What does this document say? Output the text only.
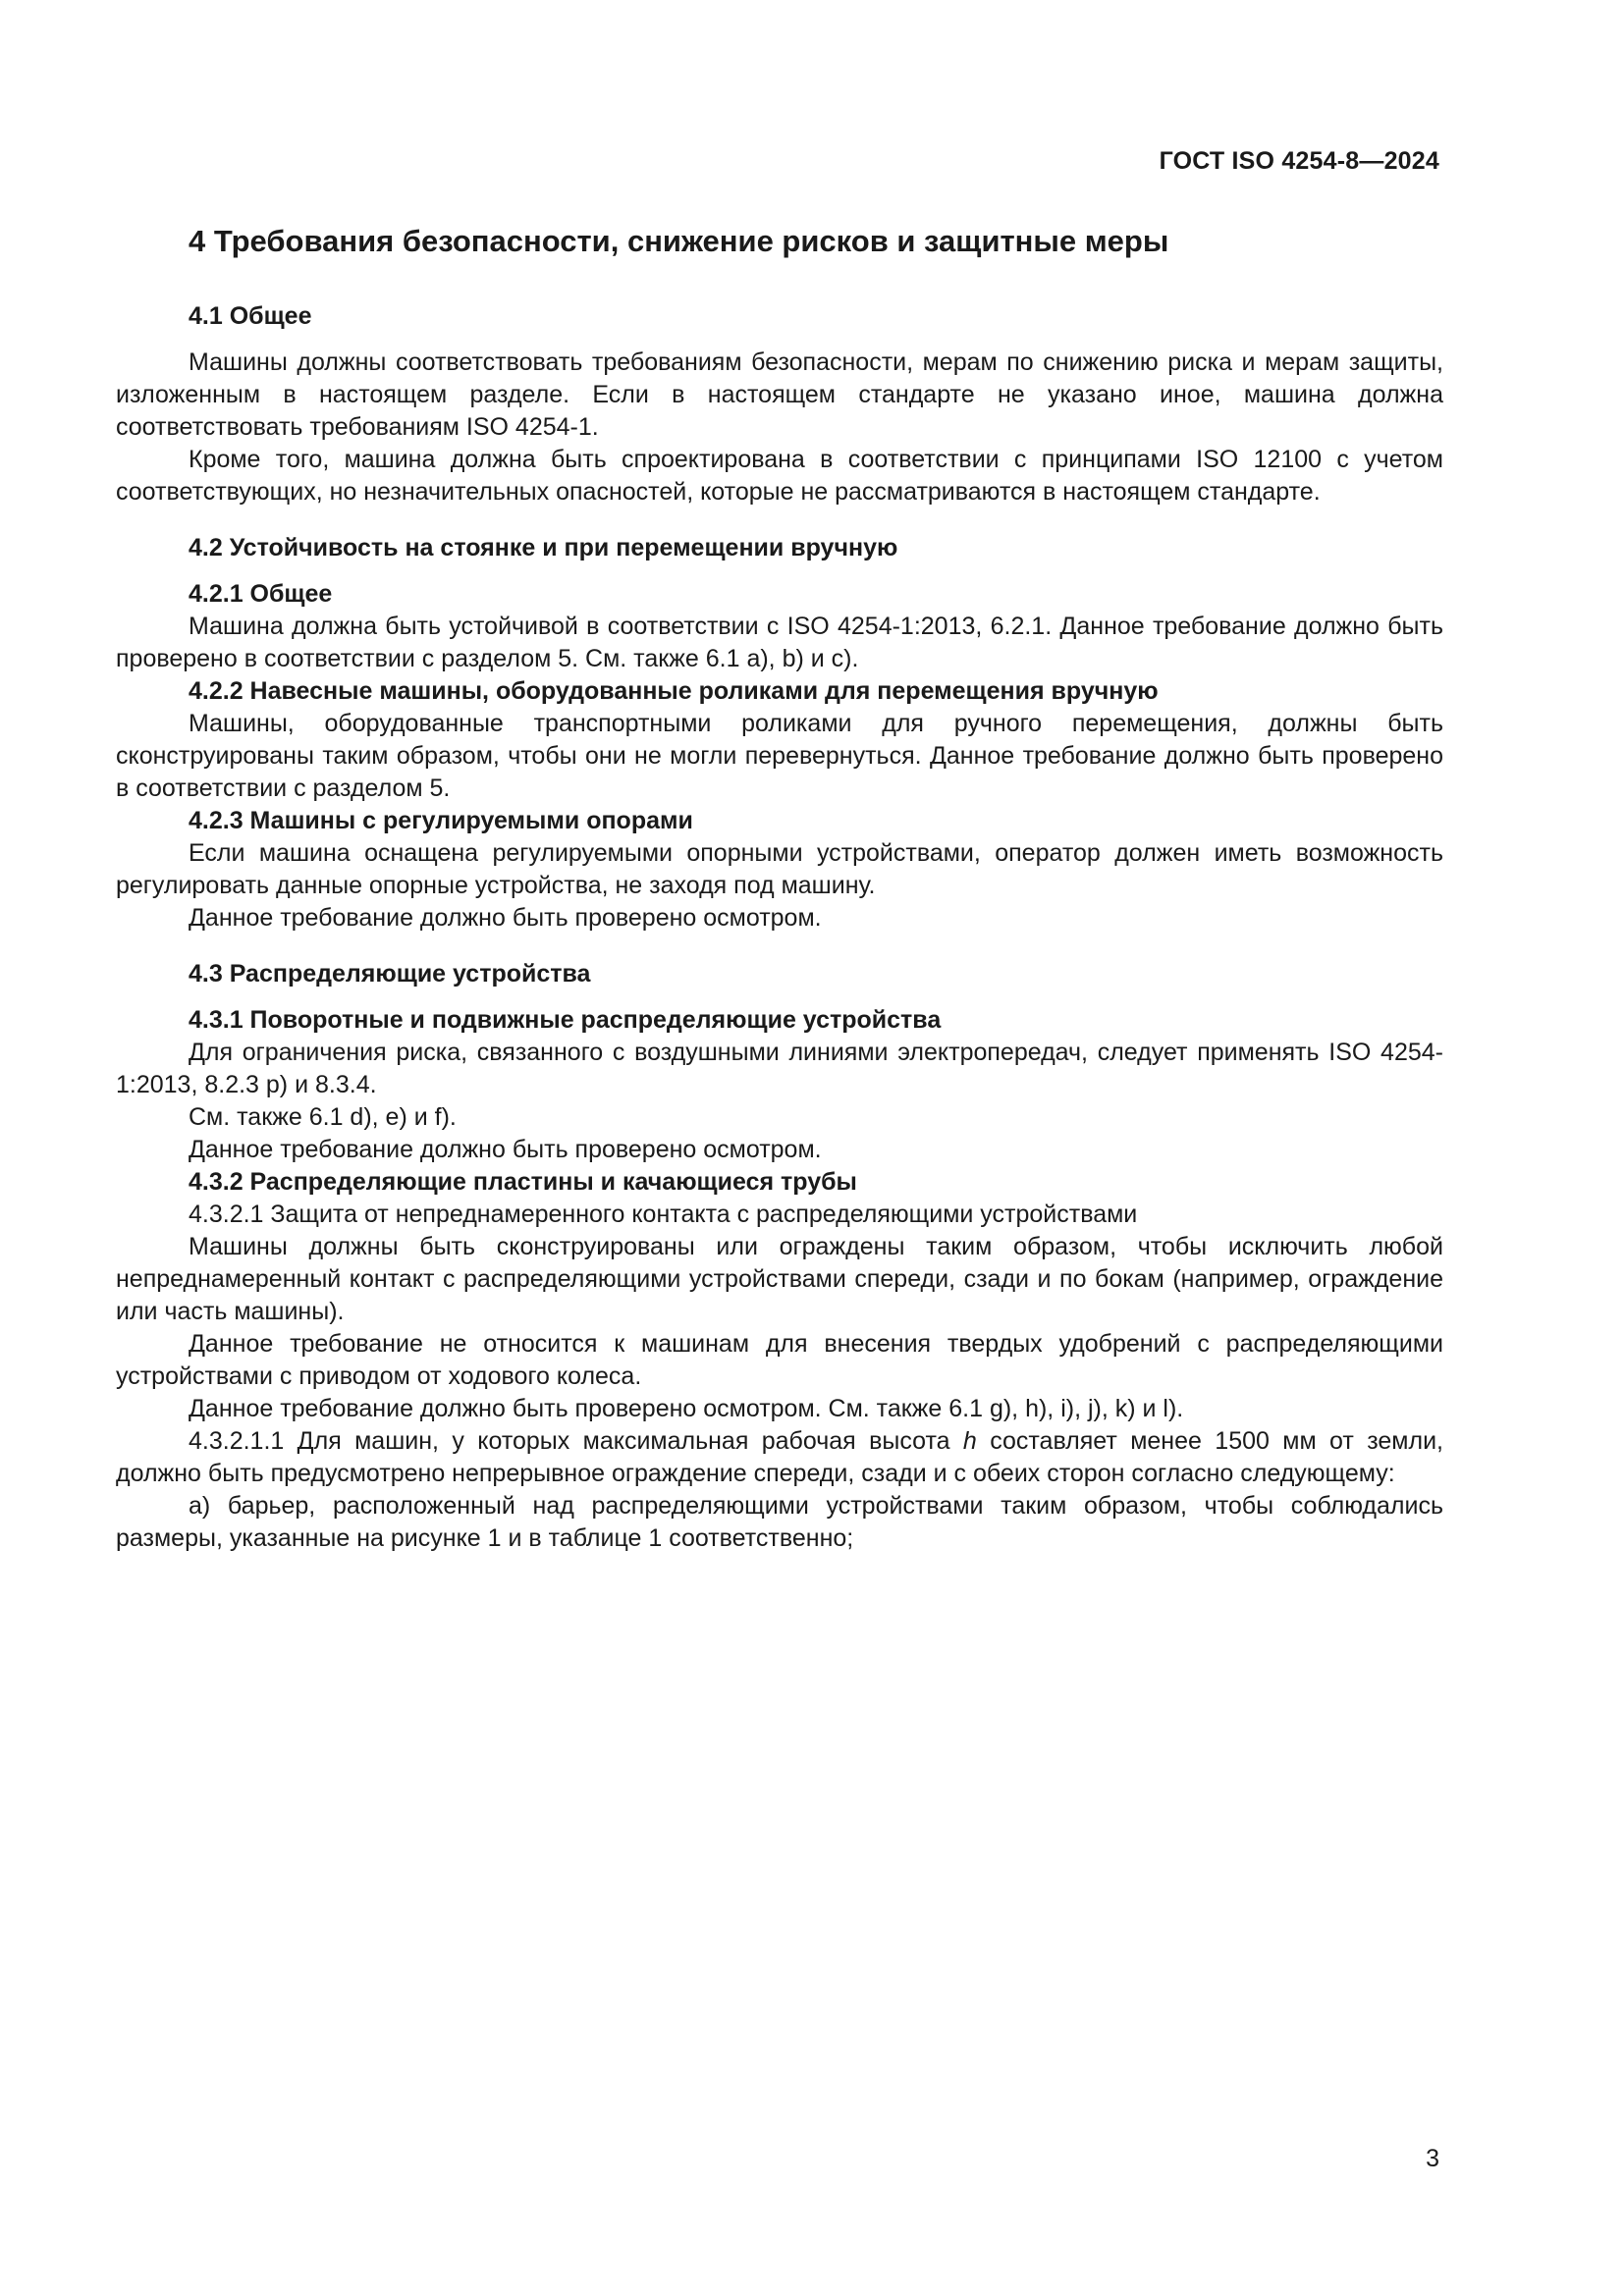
ГОСТ ISO 4254-8—2024
4 Требования безопасности, снижение рисков и защитные меры
4.1 Общее

Машины должны соответствовать требованиям безопасности, мерам по снижению риска и мерам защиты, изложенным в настоящем разделе. Если в настоящем стандарте не указано иное, машина должна соответствовать требованиям ISO 4254-1.

Кроме того, машина должна быть спроектирована в соответствии с принципами ISO 12100 с учетом соответствующих, но незначительных опасностей, которые не рассматриваются в настоящем стандарте.

4.2 Устойчивость на стоянке и при перемещении вручную
4.2.1 Общее

Машина должна быть устойчивой в соответствии с ISO 4254-1:2013, 6.2.1. Данное требование должно быть проверено в соответствии с разделом 5. См. также 6.1 а), b) и с).

4.2.2 Навесные машины, оборудованные роликами для перемещения вручную

Машины, оборудованные транспортными роликами для ручного перемещения, должны быть сконструированы таким образом, чтобы они не могли перевернуться. Данное требование должно быть проверено в соответствии с разделом 5.

4.2.3 Машины с регулируемыми опорами

Если машина оснащена регулируемыми опорными устройствами, оператор должен иметь возможность регулировать данные опорные устройства, не заходя под машину.

Данное требование должно быть проверено осмотром.

4.3 Распределяющие устройства
4.3.1 Поворотные и подвижные распределяющие устройства

Для ограничения риска, связанного с воздушными линиями электропередач, следует применять ISO 4254-1:2013, 8.2.3 р) и 8.3.4.

См. также 6.1 d), е) и f).

Данное требование должно быть проверено осмотром.

4.3.2 Распределяющие пластины и качающиеся трубы

4.3.2.1 Защита от непреднамеренного контакта с распределяющими устройствами

Машины должны быть сконструированы или ограждены таким образом, чтобы исключить любой непреднамеренный контакт с распределяющими устройствами спереди, сзади и по бокам (например, ограждение или часть машины).

Данное требование не относится к машинам для внесения твердых удобрений с распределяющими устройствами с приводом от ходового колеса.

Данное требование должно быть проверено осмотром. См. также 6.1 g), h), i), j), k) и l).

4.3.2.1.1 Для машин, у которых максимальная рабочая высота h составляет менее 1500 мм от земли, должно быть предусмотрено непрерывное ограждение спереди, сзади и с обеих сторон согласно следующему:

а) барьер, расположенный над распределяющими устройствами таким образом, чтобы соблюдались размеры, указанные на рисунке 1 и в таблице 1 соответственно;

3
